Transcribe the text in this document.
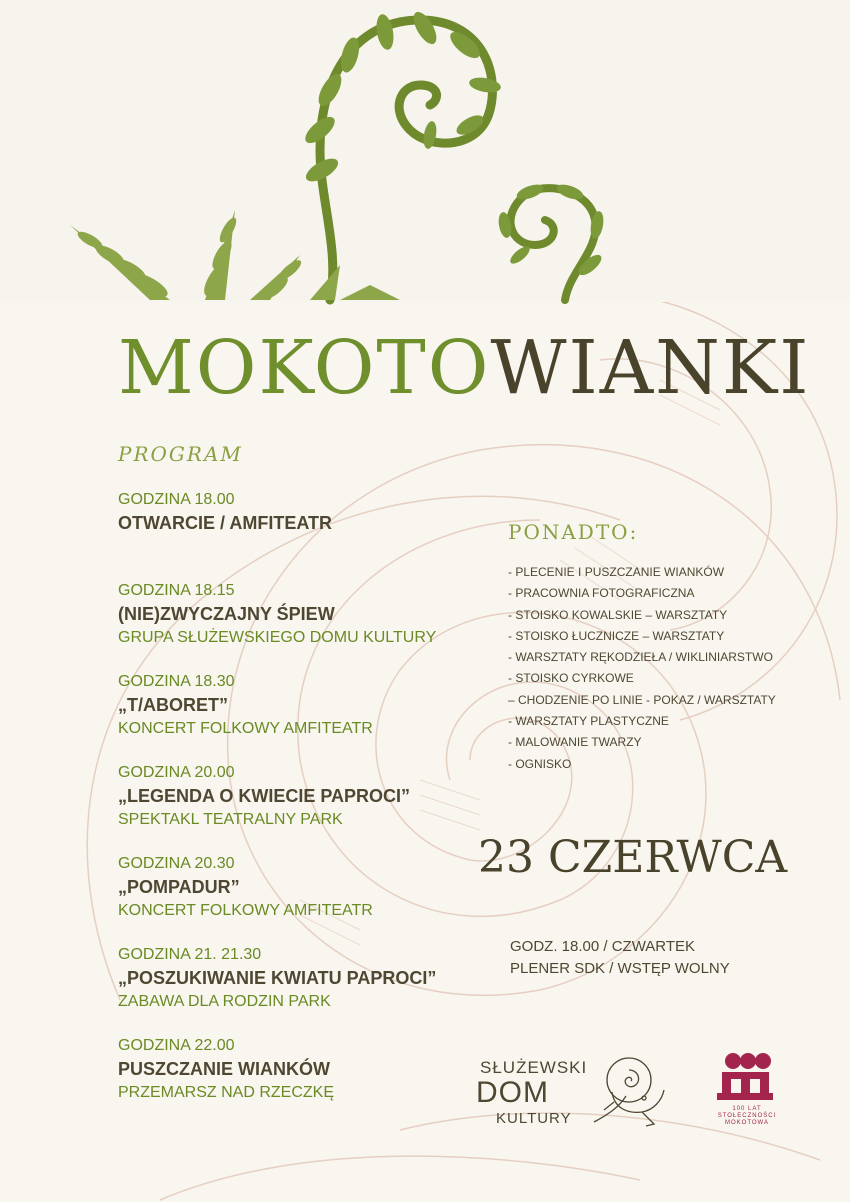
MOKOTOWIANKI
PROGRAM
GODZINA 18.00
OTWARCIE / AMFITEATR
GODZINA 18.15
(NIE)ZWYCZAJNY ŚPIEW
GRUPA SŁUŻEWSKIEGO DOMU KULTURY
GODZINA 18.30
„T/ABORET”
KONCERT FOLKOWY AMFITEATR
GODZINA 20.00
„LEGENDA O KWIECIE PAPROCI”
SPEKTAKL TEATRALNY PARK
GODZINA 20.30
„POMPADUR”
KONCERT FOLKOWY AMFITEATR
GODZINA 21. 21.30
„POSZUKIWANIE KWIATU PAPROCI”
ZABAWA DLA RODZIN PARK
GODZINA 22.00
PUSZCZANIE WIANKÓW
PRZEMARSZ NAD RZECZKĘ
PONADTO:
- PLECENIE I PUSZCZANIE WIANKÓW
- PRACOWNIA FOTOGRAFICZNA
- STOISKO KOWALSKIE – WARSZTATY
- STOISKO ŁUCZNICZE – WARSZTATY
- WARSZTATY RĘKODZIEŁA / WIKLINIARSTWO
- STOISKO CYRKOWE
– CHODZENIE PO LINIE - POKAZ / WARSZTATY
- WARSZTATY PLASTYCZNE
- MALOWANIE TWARZY
- OGNISKO
23 CZERWCA
GODZ. 18.00 / CZWARTEK
PLENER SDK / WSTĘP WOLNY
SŁUŻEWSKI
DOM
KULTURY
100 LAT
STOŁECZNOŚCI
MOKOTOWA
